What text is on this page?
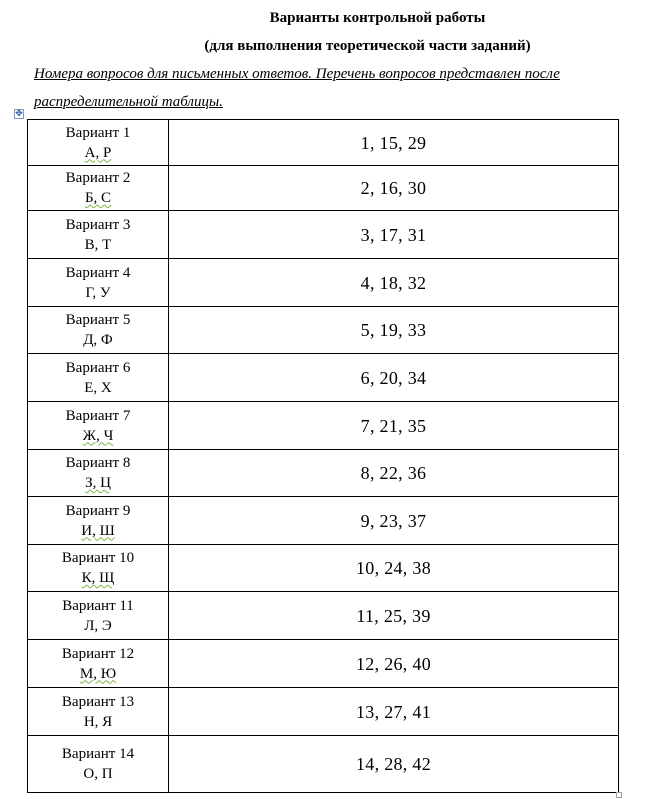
Варианты контрольной работы
(для выполнения теоретической части заданий)
Номера вопросов для письменных ответов. Перечень вопросов представлен после
распределительной таблицы.
✥
Вариант 1
А, Р	1, 15, 29

Вариант 2
Б, С	2, 16, 30

Вариант 3
В, Т	3, 17, 31

Вариант 4
Г, У	4, 18, 32

Вариант 5
Д, Ф	5, 19, 33

Вариант 6
Е, Х	6, 20, 34

Вариант 7
Ж, Ч	7, 21, 35

Вариант 8
З, Ц	8, 22, 36

Вариант 9
И, Ш	9, 23, 37

Вариант 10
К, Щ	10, 24, 38

Вариант 11
Л, Э	11, 25, 39

Вариант 12
М, Ю	12, 26, 40

Вариант 13
Н, Я	13, 27, 41

Вариант 14
О, П	14, 28, 42
